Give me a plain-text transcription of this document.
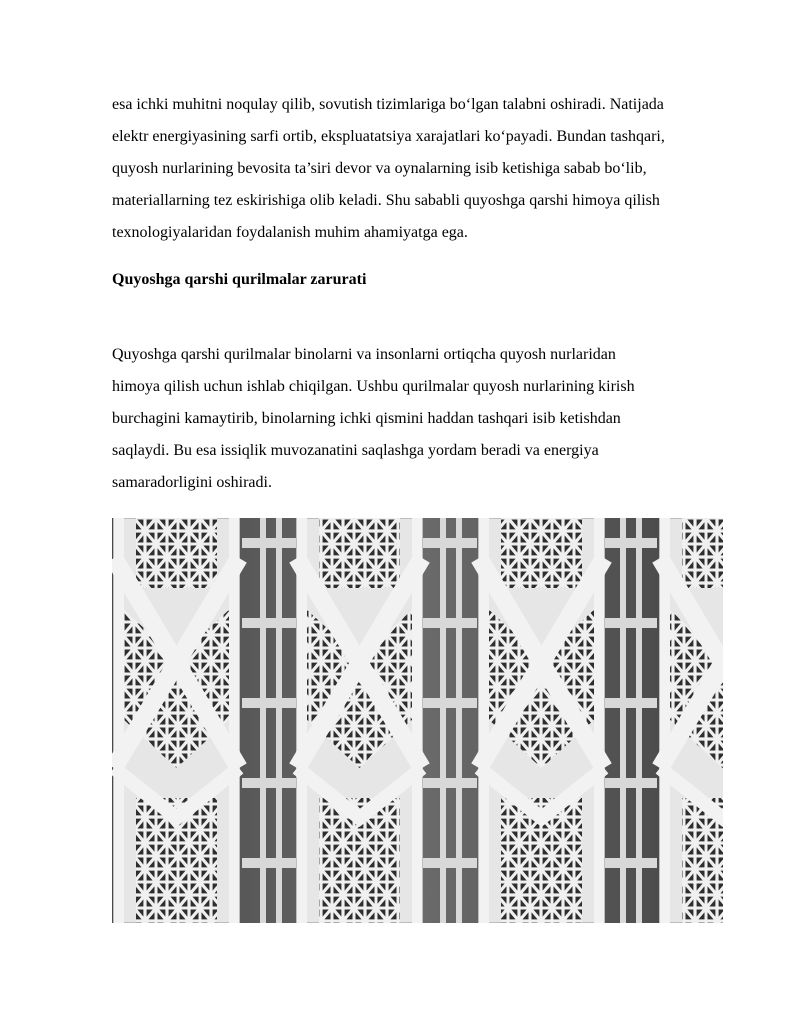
esa ichki muhitni noqulay qilib, sovutish tizimlariga bo‘lgan talabni oshiradi. Natijada
elektr energiyasining sarfi ortib, ekspluatatsiya xarajatlari ko‘payadi. Bundan tashqari,
quyosh nurlarining bevosita ta’siri devor va oynalarning isib ketishiga sabab bo‘lib,
materiallarning tez eskirishiga olib keladi. Shu sababli quyoshga qarshi himoya qilish
texnologiyalaridan foydalanish muhim ahamiyatga ega.

Quyoshga qarshi qurilmalar zarurati

Quyoshga qarshi qurilmalar binolarni va insonlarni ortiqcha quyosh nurlaridan
himoya qilish uchun ishlab chiqilgan. Ushbu qurilmalar quyosh nurlarining kirish
burchagini kamaytirib, binolarning ichki qismini haddan tashqari isib ketishdan
saqlaydi. Bu esa issiqlik muvozanatini saqlashga yordam beradi va energiya
samaradorligini oshiradi.
